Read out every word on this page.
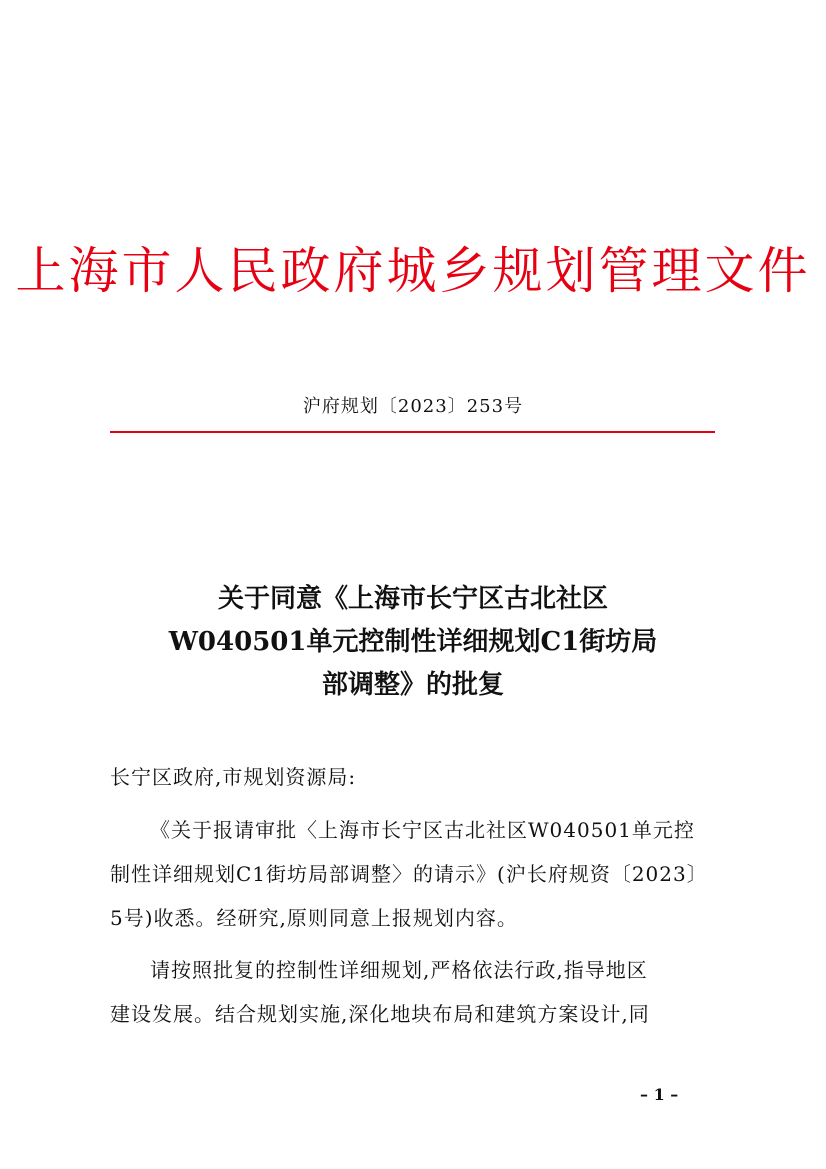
上海市人民政府城乡规划管理文件
沪府规划〔2023〕253号
关于同意《上海市长宁区古北社区
W040501单元控制性详细规划C1街坊局
部调整》的批复
长宁区政府,市规划资源局:
《关于报请审批〈上海市长宁区古北社区W040501单元控
制性详细规划C1街坊局部调整〉的请示》(沪长府规资〔2023〕
5号)收悉。经研究,原则同意上报规划内容。
请按照批复的控制性详细规划,严格依法行政,指导地区
建设发展。结合规划实施,深化地块布局和建筑方案设计,同
– 1 –
